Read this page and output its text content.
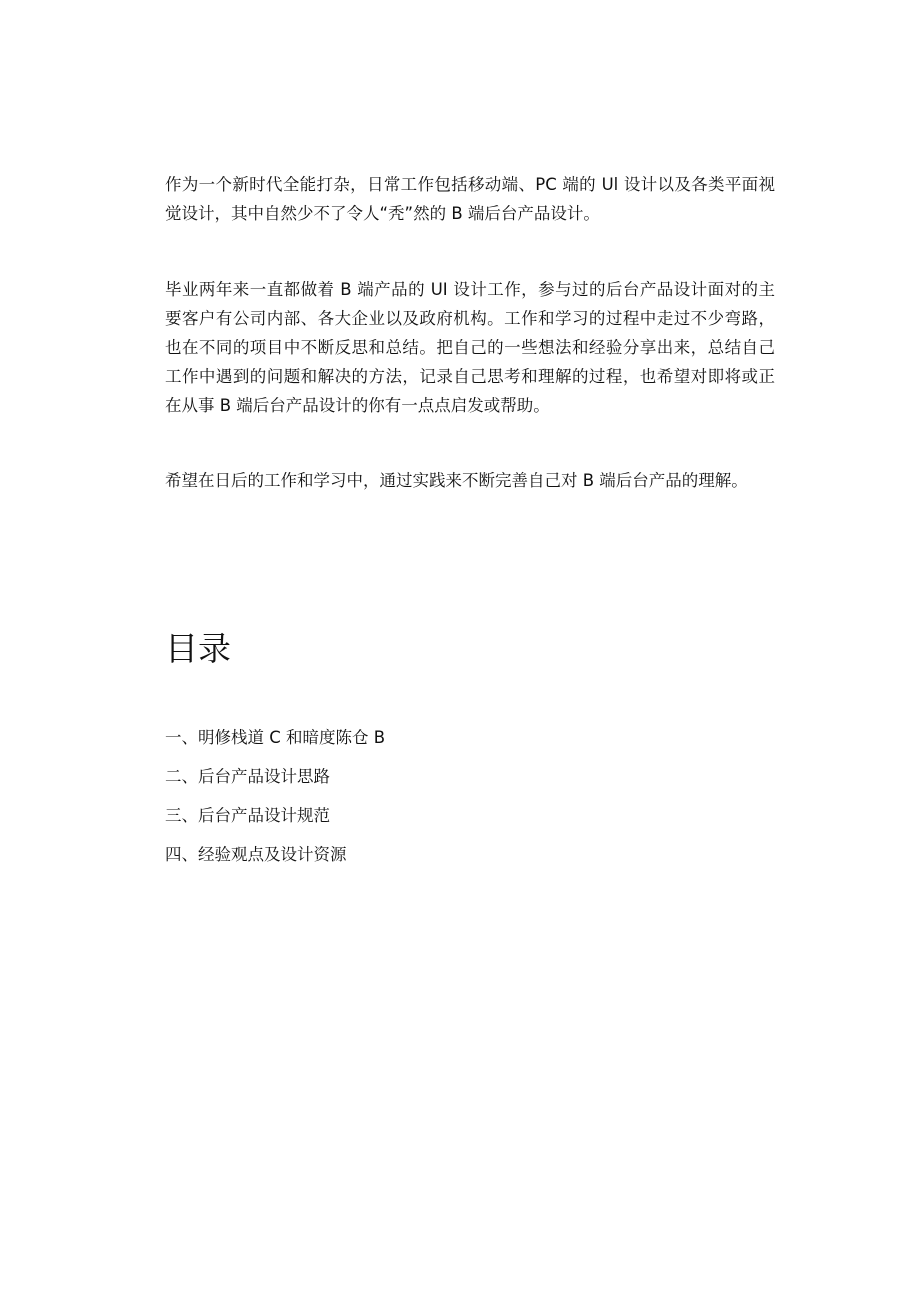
作为一个新时代全能打杂，日常工作包括移动端、PC 端的 Ul 设计以及各类平面视觉设计，其中自然少不了令人“秃”然的 B 端后台产品设计。

毕业两年来一直都做着 B 端产品的 UI 设计工作，参与过的后台产品设计面对的主要客户有公司内部、各大企业以及政府机构。工作和学习的过程中走过不少弯路，也在不同的项目中不断反思和总结。把自己的一些想法和经验分享出来，总结自己工作中遇到的问题和解决的方法，记录自己思考和理解的过程，也希望对即将或正在从事 B 端后台产品设计的你有一点点启发或帮助。

希望在日后的工作和学习中，通过实践来不断完善自己对 B 端后台产品的理解。

目录
一、明修栈道 C 和暗度陈仓 B
二、后台产品设计思路
三、后台产品设计规范
四、经验观点及设计资源
